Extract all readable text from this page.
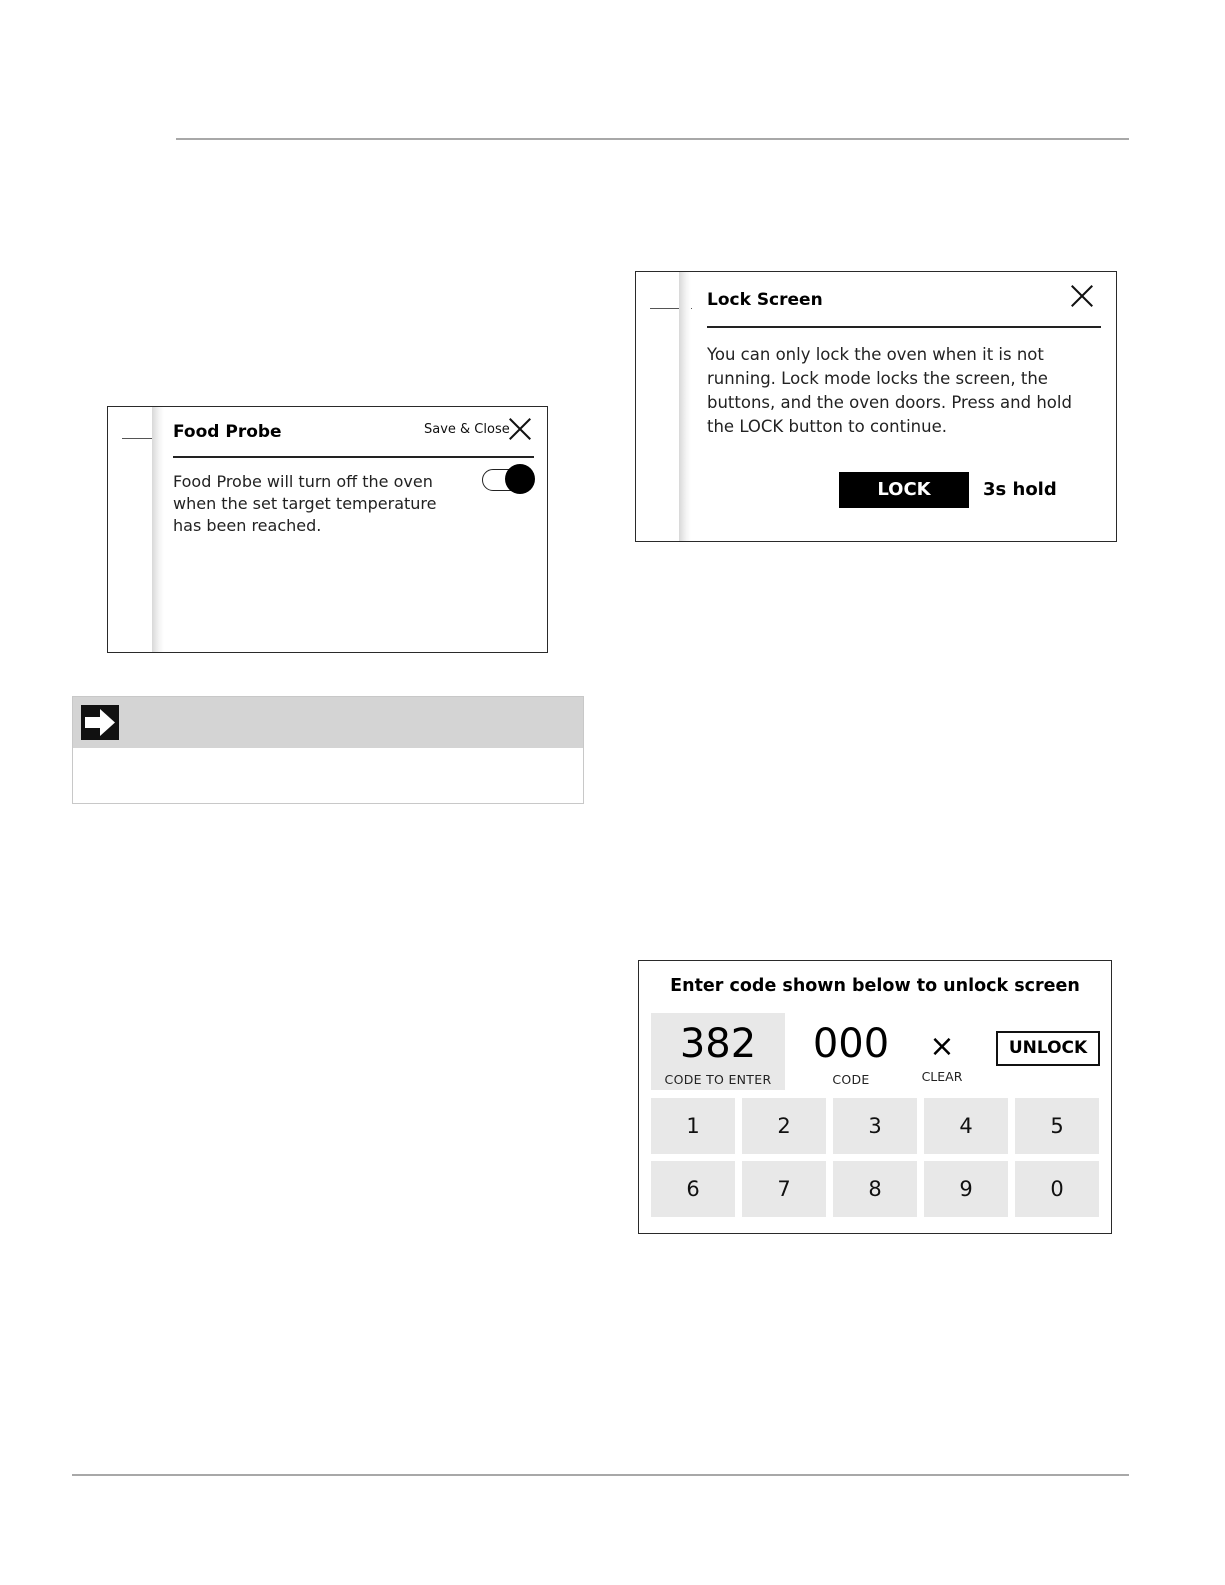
Food Probe	Save & Close
Food Probe will turn off the oven when the set target temperature has been reached.
Lock Screen
You can only lock the oven when it is not running. Lock mode locks the screen, the buttons, and the oven doors. Press and hold the LOCK button to continue.
LOCK	3s hold
Enter code shown below to unlock screen
382
CODE TO ENTER
000
CODE
×
CLEAR
UNLOCK
1	2	3	4	5
6	7	8	9	0
